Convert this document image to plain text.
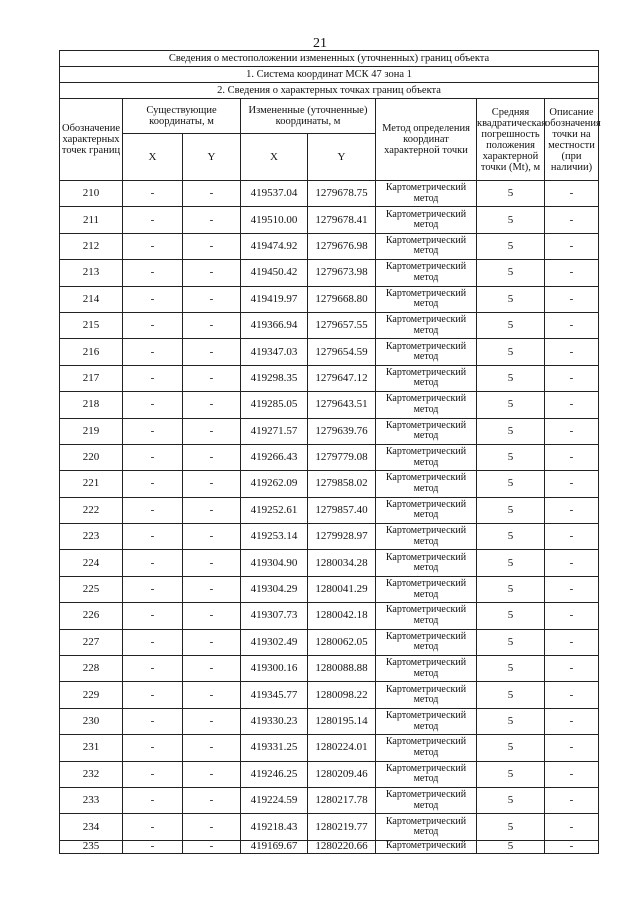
21
Сведения о местоположении измененных (уточненных) границ объекта							
1. Система координат МСК 47 зона 1							
2. Сведения о характерных точках границ объекта							
Обозначение характерных точек границ	Существующие координаты, м		Измененные (уточненные) координаты, м		Метод определения координат характерной точки	Средняя квадратическая погрешность положения характерной точки (Mt), м	Описание обозначения точки на местности (при наличии)
	X	Y	X	Y			
210	-	-	419537.04	1279678.75	Картометрический метод	5	-
211	-	-	419510.00	1279678.41	Картометрический метод	5	-
212	-	-	419474.92	1279676.98	Картометрический метод	5	-
213	-	-	419450.42	1279673.98	Картометрический метод	5	-
214	-	-	419419.97	1279668.80	Картометрический метод	5	-
215	-	-	419366.94	1279657.55	Картометрический метод	5	-
216	-	-	419347.03	1279654.59	Картометрический метод	5	-
217	-	-	419298.35	1279647.12	Картометрический метод	5	-
218	-	-	419285.05	1279643.51	Картометрический метод	5	-
219	-	-	419271.57	1279639.76	Картометрический метод	5	-
220	-	-	419266.43	1279779.08	Картометрический метод	5	-
221	-	-	419262.09	1279858.02	Картометрический метод	5	-
222	-	-	419252.61	1279857.40	Картометрический метод	5	-
223	-	-	419253.14	1279928.97	Картометрический метод	5	-
224	-	-	419304.90	1280034.28	Картометрический метод	5	-
225	-	-	419304.29	1280041.29	Картометрический метод	5	-
226	-	-	419307.73	1280042.18	Картометрический метод	5	-
227	-	-	419302.49	1280062.05	Картометрический метод	5	-
228	-	-	419300.16	1280088.88	Картометрический метод	5	-
229	-	-	419345.77	1280098.22	Картометрический метод	5	-
230	-	-	419330.23	1280195.14	Картометрический метод	5	-
231	-	-	419331.25	1280224.01	Картометрический метод	5	-
232	-	-	419246.25	1280209.46	Картометрический метод	5	-
233	-	-	419224.59	1280217.78	Картометрический метод	5	-
234	-	-	419218.43	1280219.77	Картометрический метод	5	-
235	-	-	419169.67	1280220.66	Картометрический	5	-
